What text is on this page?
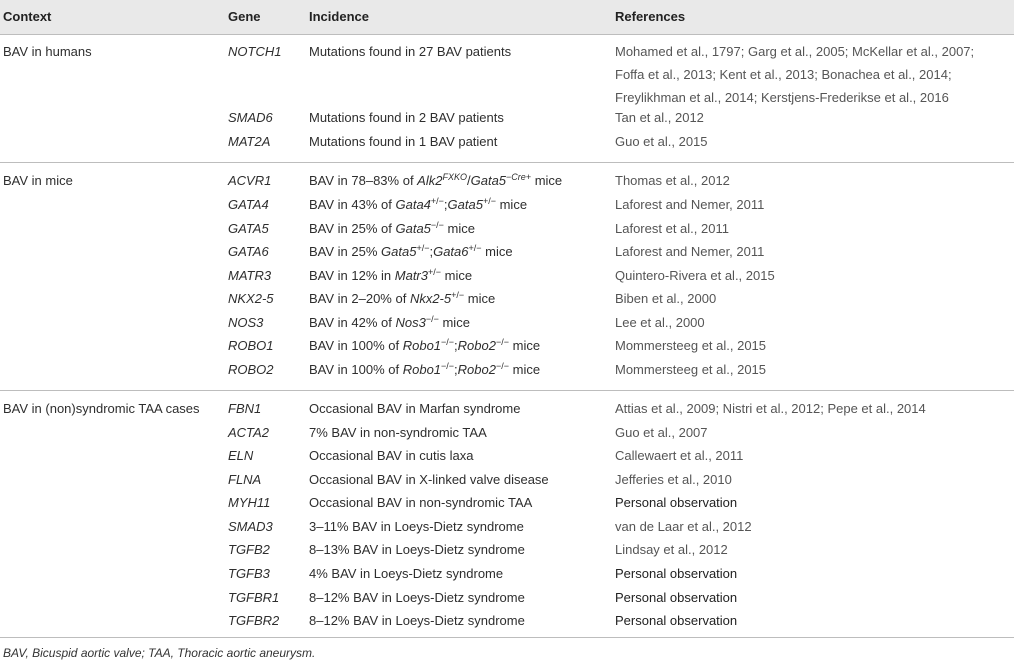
Context	Gene	Incidence	References
BAV in humans	NOTCH1 Mutations found in 27 BAV patients	Mohamed et al., 1797; Garg et al., 2005; McKellar et al., 2007;
Foffa et al., 2013; Kent et al., 2013; Bonachea et al., 2014;
Freylikhman et al., 2014; Kerstjens-Frederikse et al., 2016
SMAD6	Mutations found in 2 BAV patients	Tan et al., 2012
MAT2A	Mutations found in 1 BAV patient	Guo et al., 2015
BAV in mice	ACVR1	BAV in 78–83% of $Alk2^{FXKO}/Gata5^{-Cre+}$ mice	Thomas et al., 2012
GATA4	BAV in 43% of Gata4+/−;Gata5+/− mice	Laforest and Nemer, 2011
GATA5	BAV in 25% of Gata5−/− mice	Laforest et al., 2011
GATA6	BAV in 25% Gata5+/−;Gata6+/− mice	Laforest and Nemer, 2011
MATR3	BAV in 12% in Matr3+/− mice	Quintero-Rivera et al., 2015
NKX2-5	BAV in 2–20% of Nkx2-5+/− mice	Biben et al., 2000
NOS3	BAV in 42% of Nos3−/− mice	Lee et al., 2000
ROBO1	BAV in 100% of Robo1−/−;Robo2−/− mice	Mommersteeg et al., 2015
ROBO2	BAV in 100% of Robo1−/−;Robo2−/− mice	Mommersteeg et al., 2015
BAV in (non)syndromic TAA cases FBN1	Occasional BAV in Marfan syndrome	Attias et al., 2009; Nistri et al., 2012; Pepe et al., 2014
ACTA2	7% BAV in non-syndromic TAA	Guo et al., 2007
ELN	Occasional BAV in cutis laxa	Callewaert et al., 2011
FLNA	Occasional BAV in X-linked valve disease	Jefferies et al., 2010
MYH11	Occasional BAV in non-syndromic TAA	Personal observation
SMAD3	3–11% BAV in Loeys-Dietz syndrome	van de Laar et al., 2012
TGFB2	8–13% BAV in Loeys-Dietz syndrome	Lindsay et al., 2012
TGFB3	4% BAV in Loeys-Dietz syndrome	Personal observation
TGFBR1 8–12% BAV in Loeys-Dietz syndrome	Personal observation
TGFBR2 8–12% BAV in Loeys-Dietz syndrome	Personal observation
BAV, Bicuspid aortic valve; TAA, Thoracic aortic aneurysm.
